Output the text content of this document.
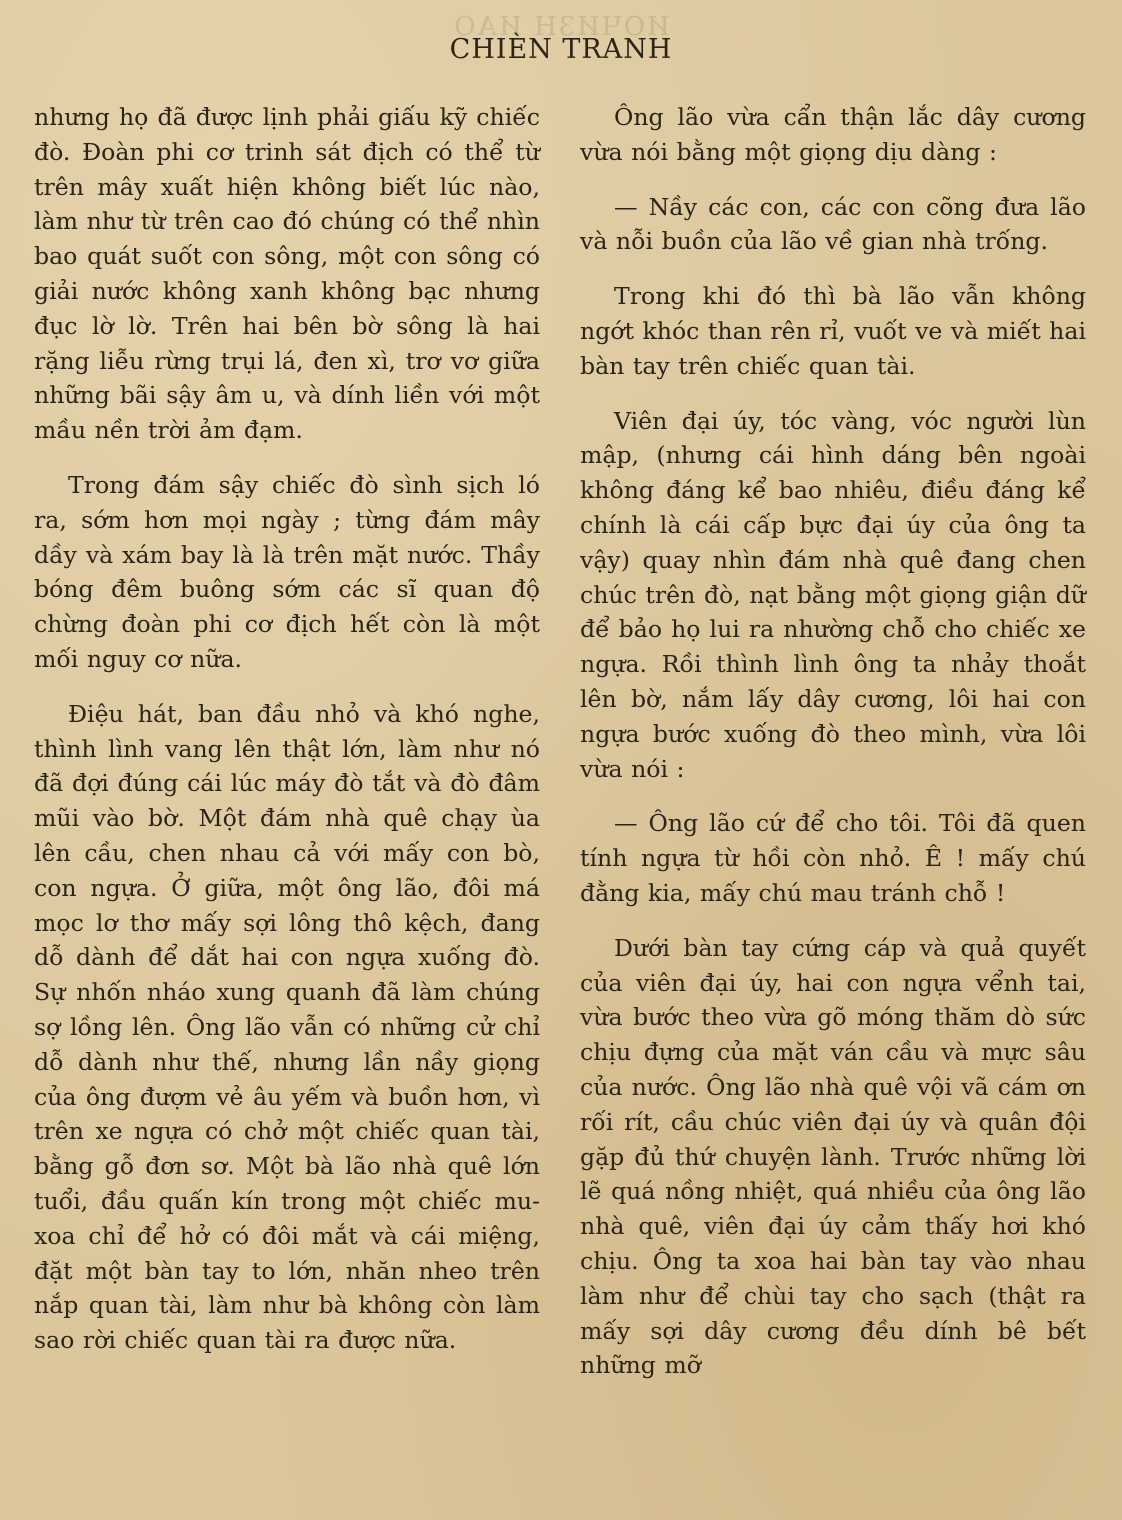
ИОЧИЗН ИАО
CHIÈN TRANH

nhưng họ đã được lịnh phải giấu kỹ chiếc đò. Đoàn phi cơ trinh sát địch có thể từ trên mây xuất hiện không biết lúc nào, làm như từ trên cao đó chúng có thể nhìn bao quát suốt con sông, một con sông có giải nước không xanh không bạc nhưng đục lờ lờ. Trên hai bên bờ sông là hai rặng liễu rừng trụi lá, đen xì, trơ vơ giữa những bãi sậy âm u, và dính liền với một mầu nền trời ảm đạm.

Trong đám sậy chiếc đò sình sịch ló ra, sớm hơn mọi ngày ; từng đám mây dầy và xám bay là là trên mặt nước. Thầy bóng đêm buông sớm các sĩ quan độ chừng đoàn phi cơ địch hết còn là một mối nguy cơ nữa.

Điệu hát, ban đầu nhỏ và khó nghe, thình lình vang lên thật lớn, làm như nó đã đợi đúng cái lúc máy đò tắt và đò đâm mũi vào bờ. Một đám nhà quê chạy ùa lên cầu, chen nhau cả với mấy con bò, con ngựa. Ở giữa, một ông lão, đôi má mọc lơ thơ mấy sợi lông thô kệch, đang dỗ dành để dắt hai con ngựa xuống đò. Sự nhốn nháo xung quanh đã làm chúng sợ lồng lên. Ông lão vẫn có những cử chỉ dỗ dành như thế, nhưng lần nầy giọng của ông đượm vẻ âu yếm và buồn hơn, vì trên xe ngựa có chở một chiếc quan tài, bằng gỗ đơn sơ. Một bà lão nhà quê lớn tuổi, đầu quấn kín trong một chiếc mu-xoa chỉ để hở có đôi mắt và cái miệng, đặt một bàn tay to lớn, nhăn nheo trên nắp quan tài, làm như bà không còn làm sao rời chiếc quan tài ra được nữa.

Ông lão vừa cẩn thận lắc dây cương vừa nói bằng một giọng dịu dàng :

— Nầy các con, các con cõng đưa lão và nỗi buồn của lão về gian nhà trống.

Trong khi đó thì bà lão vẫn không ngớt khóc than rên rỉ, vuốt ve và miết hai bàn tay trên chiếc quan tài.

Viên đại úy, tóc vàng, vóc người lùn mập, (nhưng cái hình dáng bên ngoài không đáng kể bao nhiêu, điều đáng kể chính là cái cấp bực đại úy của ông ta vậy) quay nhìn đám nhà quê đang chen chúc trên đò, nạt bằng một giọng giận dữ để bảo họ lui ra nhường chỗ cho chiếc xe ngựa. Rồi thình lình ông ta nhảy thoắt lên bờ, nắm lấy dây cương, lôi hai con ngựa bước xuống đò theo mình, vừa lôi vừa nói :

— Ông lão cứ để cho tôi. Tôi đã quen tính ngựa từ hồi còn nhỏ. Ê ! mấy chú đằng kia, mấy chú mau tránh chỗ !

Dưới bàn tay cứng cáp và quả quyết của viên đại úy, hai con ngựa vểnh tai, vừa bước theo vừa gõ móng thăm dò sức chịu đựng của mặt ván cầu và mực sâu của nước. Ông lão nhà quê vội vã cám ơn rối rít, cầu chúc viên đại úy và quân đội gặp đủ thứ chuyện lành. Trước những lời lẽ quá nồng nhiệt, quá nhiều của ông lão nhà quê, viên đại úy cảm thấy hơi khó chịu. Ông ta xoa hai bàn tay vào nhau làm như để chùi tay cho sạch (thật ra mấy sợi dây cương đều dính bê bết những mỡ
